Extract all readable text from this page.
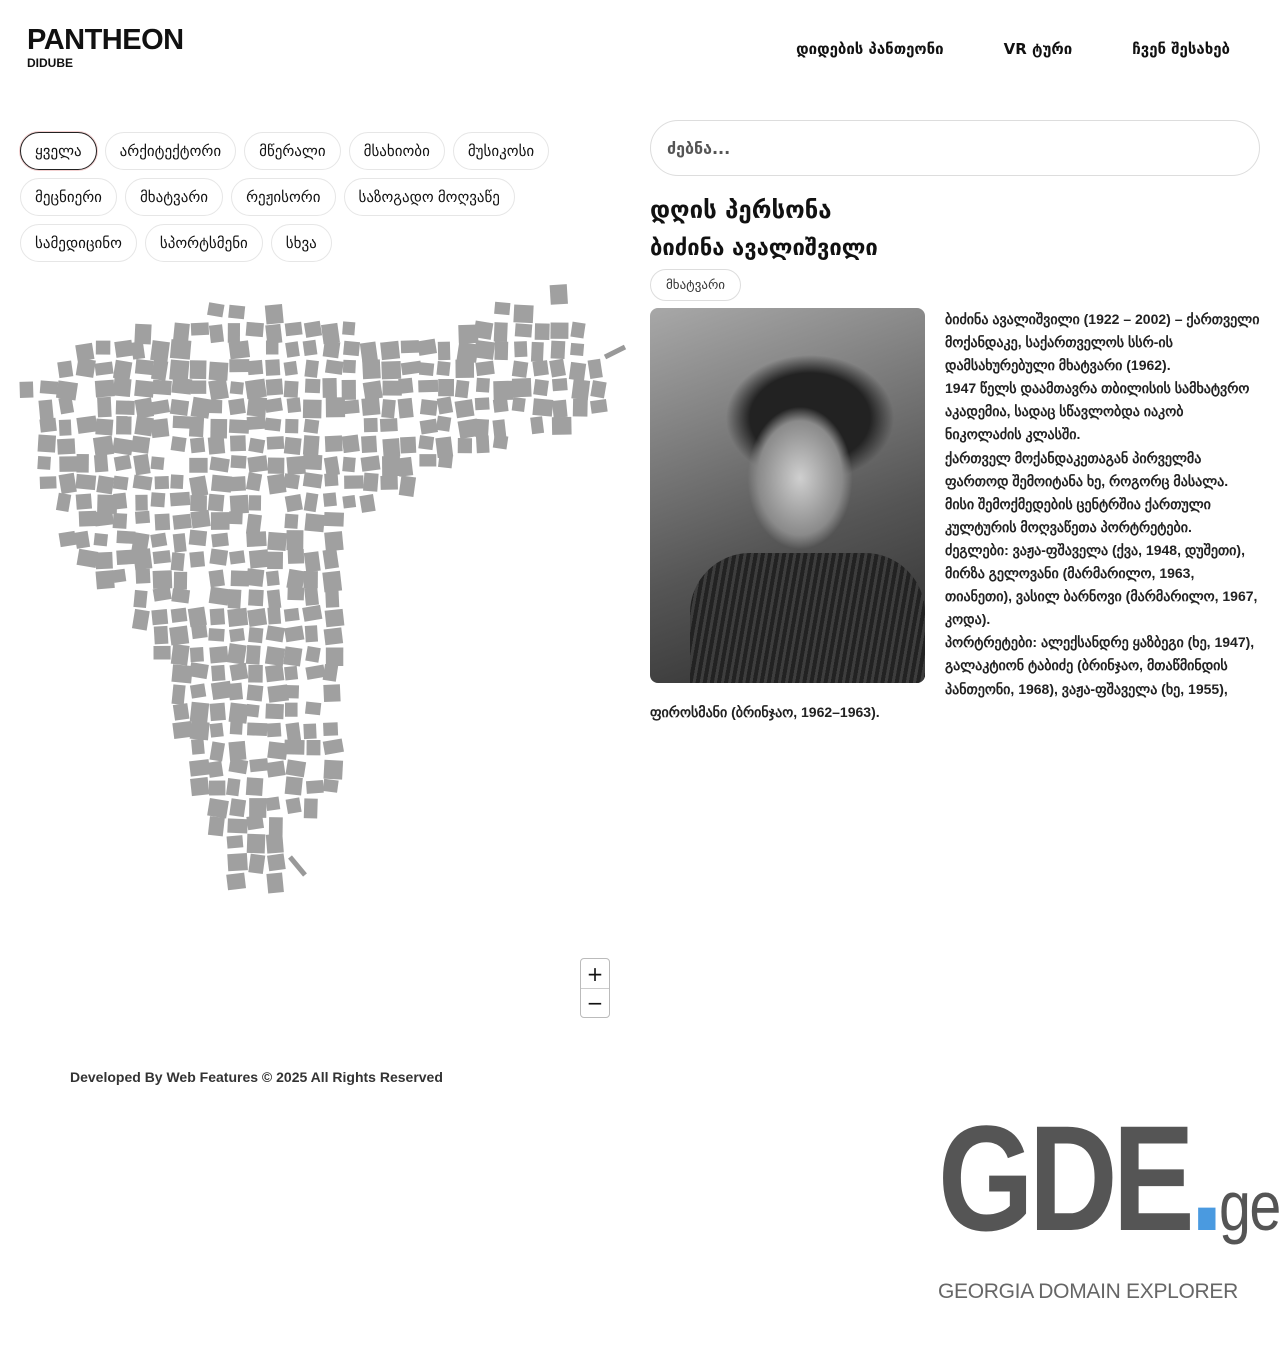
PANTHEON
DIDUBE
დიდების პანთეონი	VR ტური	ჩვენ შესახებ
ყველა	არქიტექტორი	მწერალი	მსახიობი	მუსიკოსი
მეცნიერი	მხატვარი	რეჟისორი	საზოგადო მოღვაწე
სამედიცინო	სპორტსმენი	სხვა
+
−
ძებნა...
დღის პერსონა
ბიძინა ავალიშვილი
მხატვარი

ბიძინა ავალიშვილი (1922 – 2002) – ქართველი მოქანდაკე, საქართველოს სსრ-ის დამსახურებული მხატვარი (1962).

1947 წელს დაამთავრა თბილისის სამხატვრო აკადემია, სადაც სწავლობდა იაკობ ნიკოლაძის კლასში.

ქართველ მოქანდაკეთაგან პირველმა ფართოდ შემოიტანა ხე, როგორც მასალა.

მისი შემოქმედების ცენტრშია ქართული კულტურის მოღვაწეთა პორტრეტები.

ძეგლები: ვაჟა-ფშაველა (ქვა, 1948, დუშეთი), მირზა გელოვანი (მარმარილო, 1963, თიანეთი), ვასილ ბარნოვი (მარმარილო, 1967, კოდა).

პორტრეტები: ალექსანდრე ყაზბეგი (ხე, 1947), გალაკტიონ ტაბიძე (ბრინჯაო, მთაწმინდის პანთეონი, 1968), ვაჟა-ფშაველა (ხე, 1955), ფიროსმანი (ბრინჯაო, 1962–1963).

Developed By Web Features © 2025 All Rights Reserved
GDE.ge
GEORGIA DOMAIN EXPLORER
